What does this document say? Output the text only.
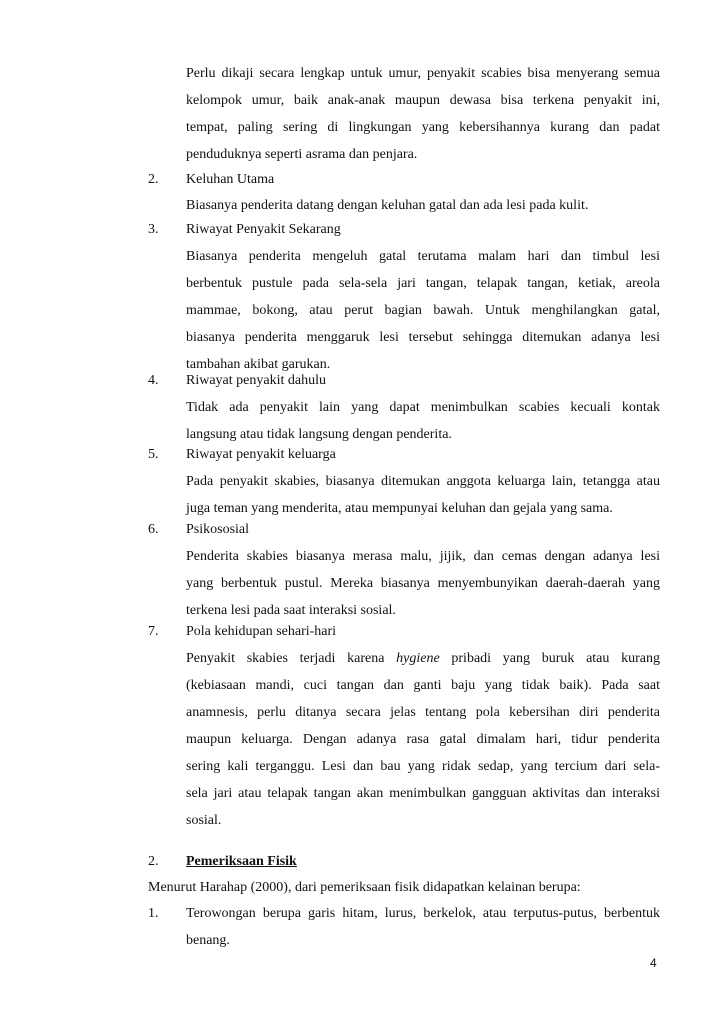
Perlu dikaji secara lengkap untuk umur, penyakit scabies bisa menyerang semua
kelompok umur, baik anak-anak maupun dewasa bisa terkena penyakit ini,
tempat, paling sering di lingkungan yang kebersihannya kurang dan padat
penduduknya seperti asrama dan penjara.
2. Keluhan Utama
Biasanya penderita datang dengan keluhan gatal dan ada lesi pada kulit.
3. Riwayat Penyakit Sekarang
Biasanya penderita mengeluh gatal terutama malam hari dan timbul lesi
berbentuk pustule pada sela-sela jari tangan, telapak tangan, ketiak, areola
mammae, bokong, atau perut bagian bawah. Untuk menghilangkan gatal,
biasanya penderita menggaruk lesi tersebut sehingga ditemukan adanya lesi
tambahan akibat garukan.
4. Riwayat penyakit dahulu
Tidak ada penyakit lain yang dapat menimbulkan scabies kecuali kontak
langsung atau tidak langsung dengan penderita.
5. Riwayat penyakit keluarga
Pada penyakit skabies, biasanya ditemukan anggota keluarga lain, tetangga atau
juga teman yang menderita, atau mempunyai keluhan dan gejala yang sama.
6. Psikososial
Penderita skabies biasanya merasa malu, jijik, dan cemas dengan adanya lesi
yang berbentuk pustul. Mereka biasanya menyembunyikan daerah-daerah yang
terkena lesi pada saat interaksi sosial.
7. Pola kehidupan sehari-hari
Penyakit skabies terjadi karena hygiene pribadi yang buruk atau kurang
(kebiasaan mandi, cuci tangan dan ganti baju yang tidak baik). Pada saat
anamnesis, perlu ditanya secara jelas tentang pola kebersihan diri penderita
maupun keluarga. Dengan adanya rasa gatal dimalam hari, tidur penderita
sering kali terganggu. Lesi dan bau yang ridak sedap, yang tercium dari sela-
sela jari atau telapak tangan akan menimbulkan gangguan aktivitas dan interaksi
sosial.
2. Pemeriksaan Fisik
Menurut Harahap (2000), dari pemeriksaan fisik didapatkan kelainan berupa:
1. Terowongan berupa garis hitam, lurus, berkelok, atau terputus-putus, berbentuk
benang.
4
